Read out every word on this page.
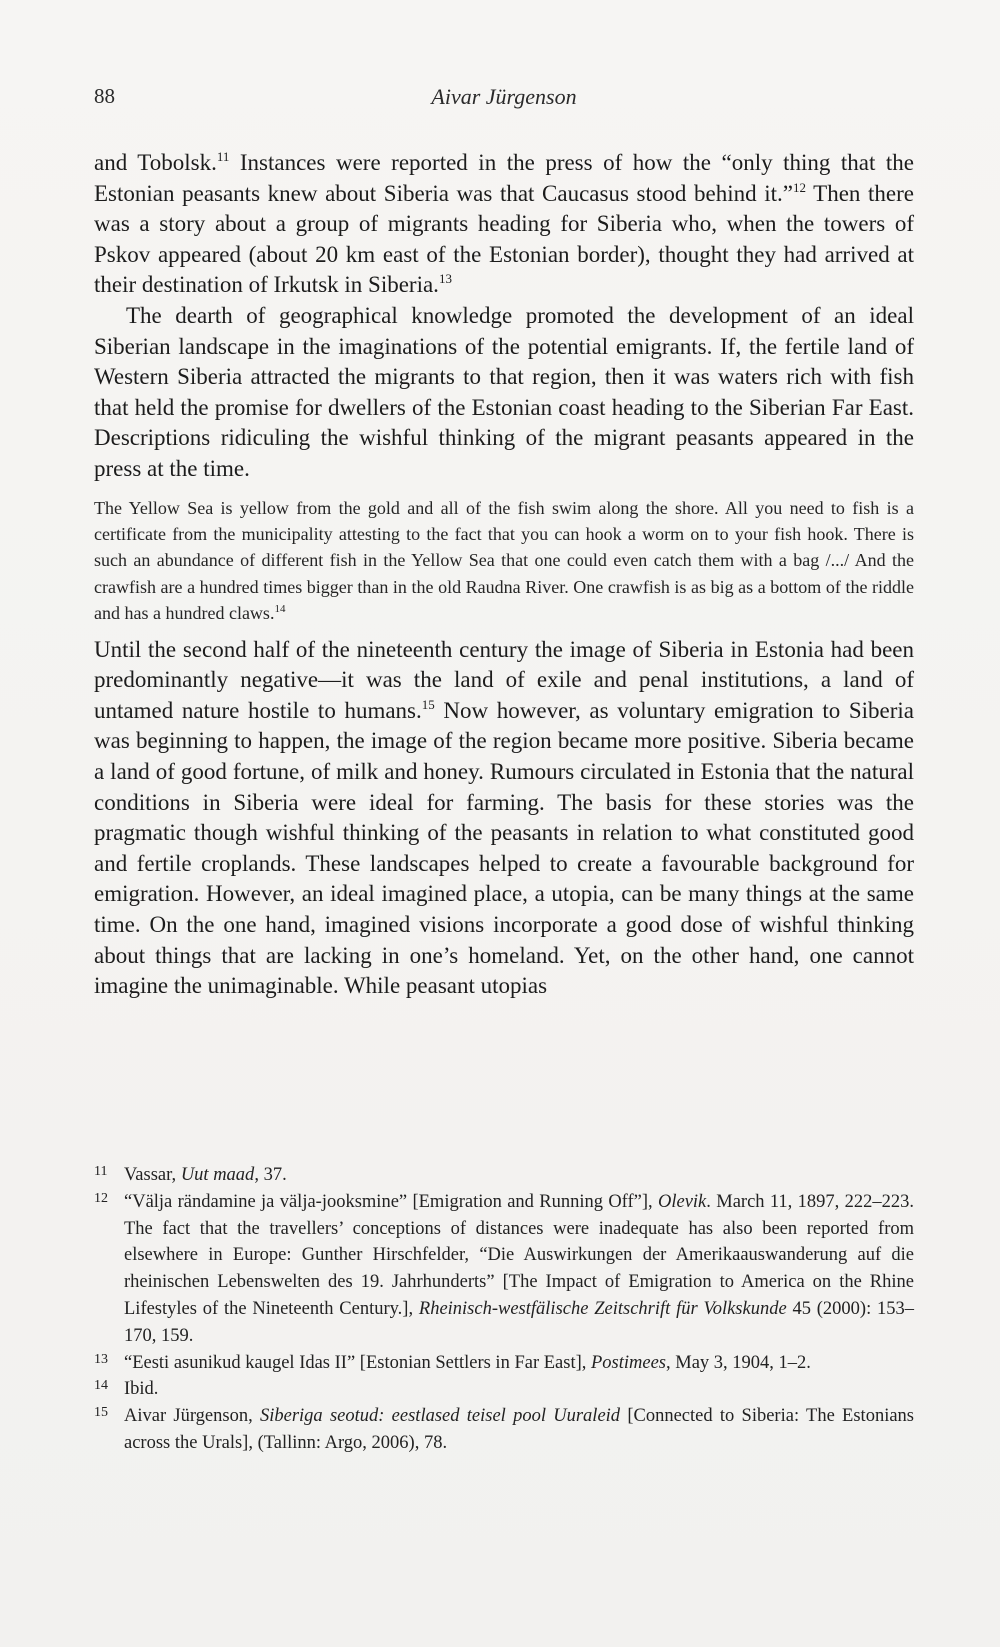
88	Aivar Jürgenson

and Tobolsk.$^{11}$ Instances were reported in the press of how the “only thing that the Estonian peasants knew about Siberia was that Caucasus stood behind it.”$^{12}$ Then there was a story about a group of migrants heading for Siberia who, when the towers of Pskov appeared (about 20 km east of the Estonian border), thought they had arrived at their destination of Irkutsk in Siberia.$^{13}$

The dearth of geographical knowledge promoted the development of an ideal Siberian landscape in the imaginations of the potential emigrants. If, the fertile land of Western Siberia attracted the migrants to that region, then it was waters rich with fish that held the promise for dwellers of the Estonian coast heading to the Siberian Far East. Descriptions ridiculing the wishful thinking of the migrant peasants appeared in the press at the time.

The Yellow Sea is yellow from the gold and all of the fish swim along the shore. All you need to fish is a certificate from the municipality attesting to the fact that you can hook a worm on to your fish hook. There is such an abundance of different fish in the Yellow Sea that one could even catch them with a bag /.../ And the crawfish are a hundred times bigger than in the old Raudna River. One crawfish is as big as a bottom of the riddle and has a hundred claws.$^{14}$

Until the second half of the nineteenth century the image of Siberia in Estonia had been predominantly negative—it was the land of exile and penal institutions, a land of untamed nature hostile to humans.$^{15}$ Now however, as voluntary emigration to Siberia was beginning to happen, the image of the region became more positive. Siberia became a land of good fortune, of milk and honey. Rumours circulated in Estonia that the natural conditions in Siberia were ideal for farming. The basis for these stories was the pragmatic though wishful thinking of the peasants in relation to what constituted good and fertile croplands. These landscapes helped to create a favourable background for emigration. However, an ideal imagined place, a utopia, can be many things at the same time. On the one hand, imagined visions incorporate a good dose of wishful thinking about things that are lacking in one’s homeland. Yet, on the other hand, one cannot imagine the unimaginable. While peasant utopias

11 Vassar, Uut maad, 37.
12 “Välja rändamine ja välja-jooksmine” [Emigration and Running Off”], Olevik. March 11, 1897, 222–223. The fact that the travellers’ conceptions of distances were inadequate has also been reported from elsewhere in Europe: Gunther Hirschfelder, “Die Auswirkungen der Amerikaauswanderung auf die rheinischen Lebenswelten des 19. Jahrhunderts” [The Impact of Emigration to America on the Rhine Lifestyles of the Nineteenth Century.], Rheinisch-westfälische Zeitschrift für Volkskunde 45 (2000): 153–170, 159.
13 “Eesti asunikud kaugel Idas II” [Estonian Settlers in Far East], Postimees, May 3, 1904, 1–2.
14 Ibid.
15 Aivar Jürgenson, Siberiga seotud: eestlased teisel pool Uuraleid [Connected to Siberia: The Estonians across the Urals], (Tallinn: Argo, 2006), 78.
